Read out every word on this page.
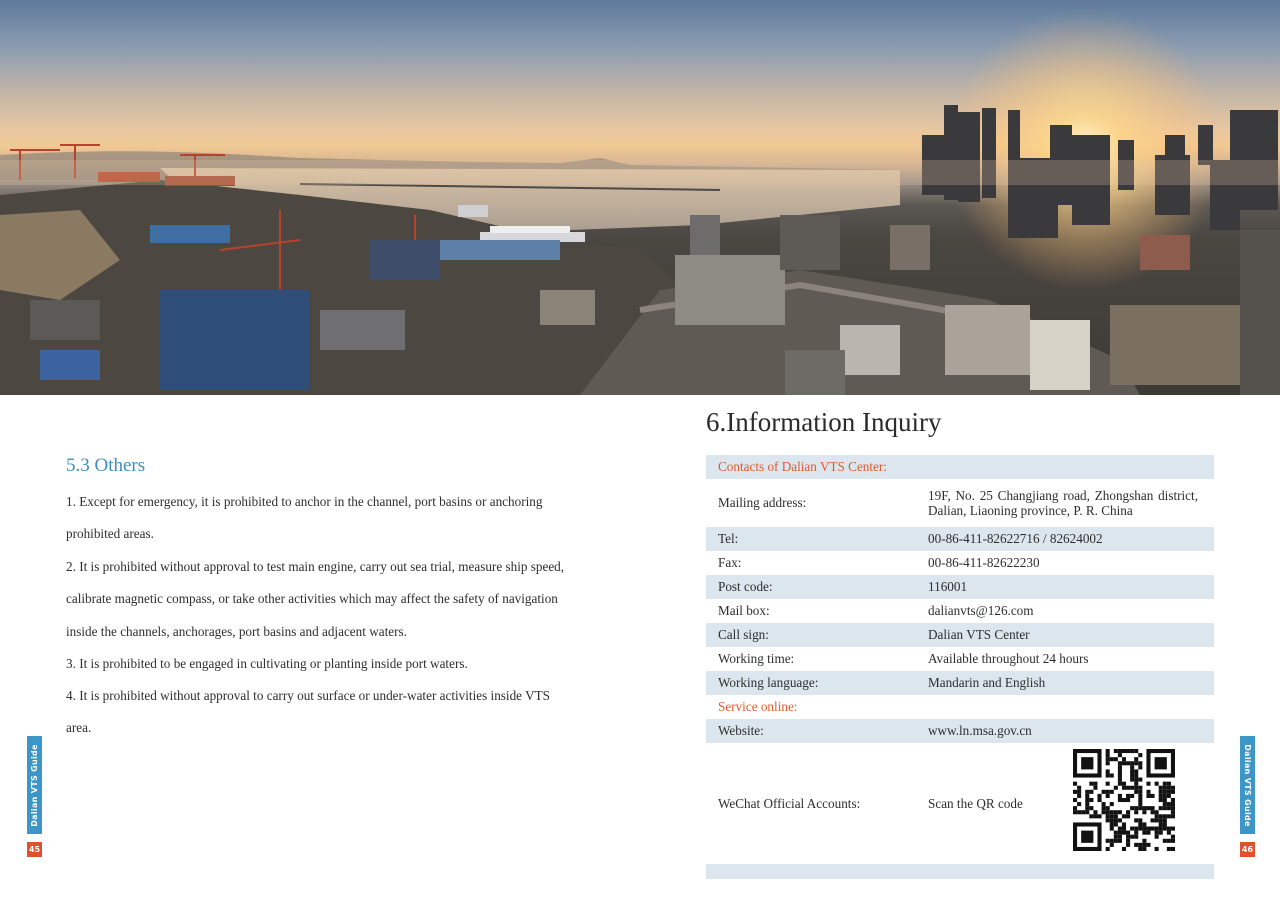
5.3 Others
1. Except for emergency, it is prohibited to anchor in the channel, port basins or anchoring prohibited areas.
2. It is prohibited without approval to test main engine, carry out sea trial, measure ship speed, calibrate magnetic compass, or take other activities which may affect the safety of navigation inside the channels, anchorages, port basins and adjacent waters.
3. It is prohibited to be engaged in cultivating or planting inside port waters.
4. It is prohibited without approval to carry out surface or under-water activities inside VTS area.
Dalian VTS Guide
45
6.Information Inquiry
Contacts of Dalian VTS Center:
Mailing address:	19F, No. 25 Changjiang road, Zhongshan district, Dalian, Liaoning province, P. R. China
Tel:	00-86-411-82622716 / 82624002
Fax:	00-86-411-82622230
Post code:	116001
Mail box:	dalianvts@126.com
Call sign:	Dalian VTS Center
Working time:	Available throughout 24 hours
Working language:	Mandarin and English
Service online:
Website:	www.ln.msa.gov.cn
WeChat Official Accounts:	Scan the QR code	Dalian VTS Guide
46
